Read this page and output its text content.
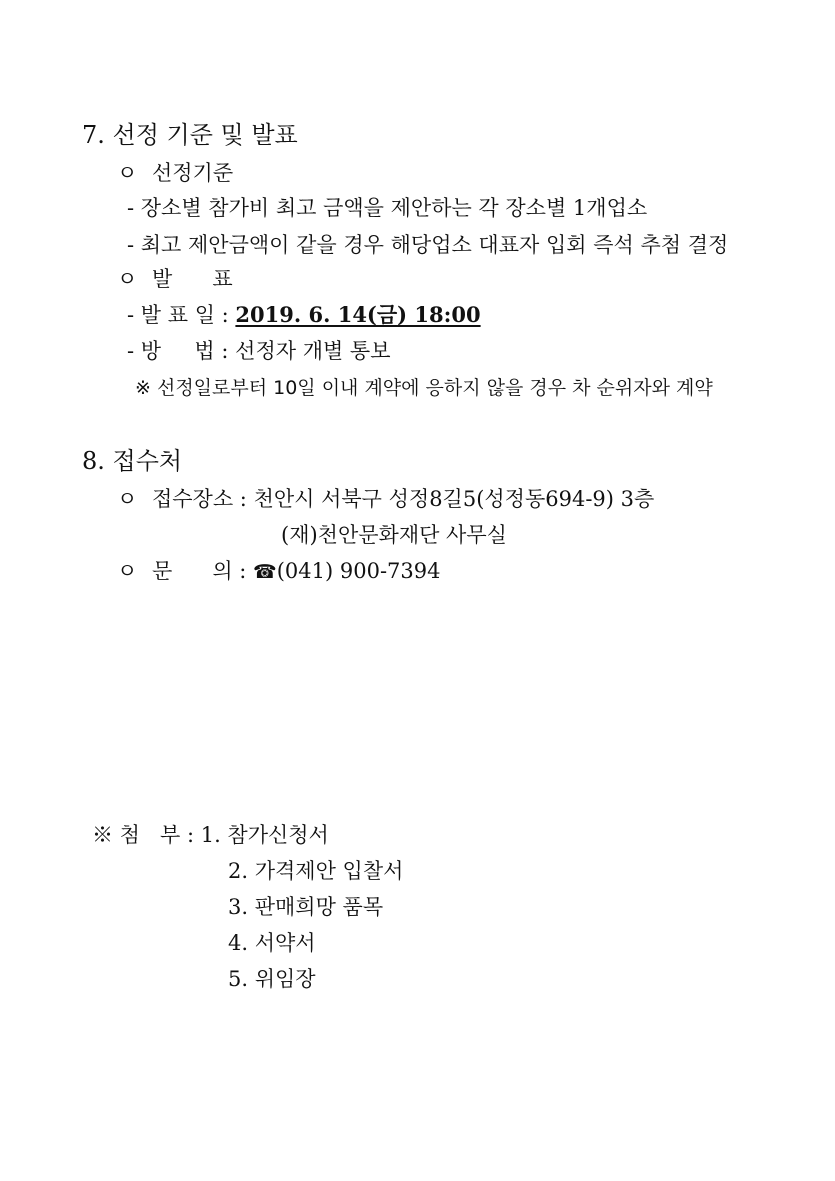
7. 선정 기준 및 발표
ㅇ 선정기준
- 장소별 참가비 최고 금액을 제안하는 각 장소별 1개업소
- 최고 제안금액이 같을 경우 해당업소 대표자 입회 즉석 추첨 결정
ㅇ 발      표
- 발 표 일 : 2019. 6. 14(금) 18:00
- 방     법 : 선정자 개별 통보
※ 선정일로부터 10일 이내 계약에 응하지 않을 경우 차 순위자와 계약
8. 접수처
ㅇ 접수장소 : 천안시 서북구 성정8길5(성정동694-9) 3층
(재)천안문화재단 사무실
ㅇ 문      의 : ☎(041) 900-7394
※ 첨   부 : 1. 참가신청서
2. 가격제안 입찰서
3. 판매희망 품목
4. 서약서
5. 위임장
